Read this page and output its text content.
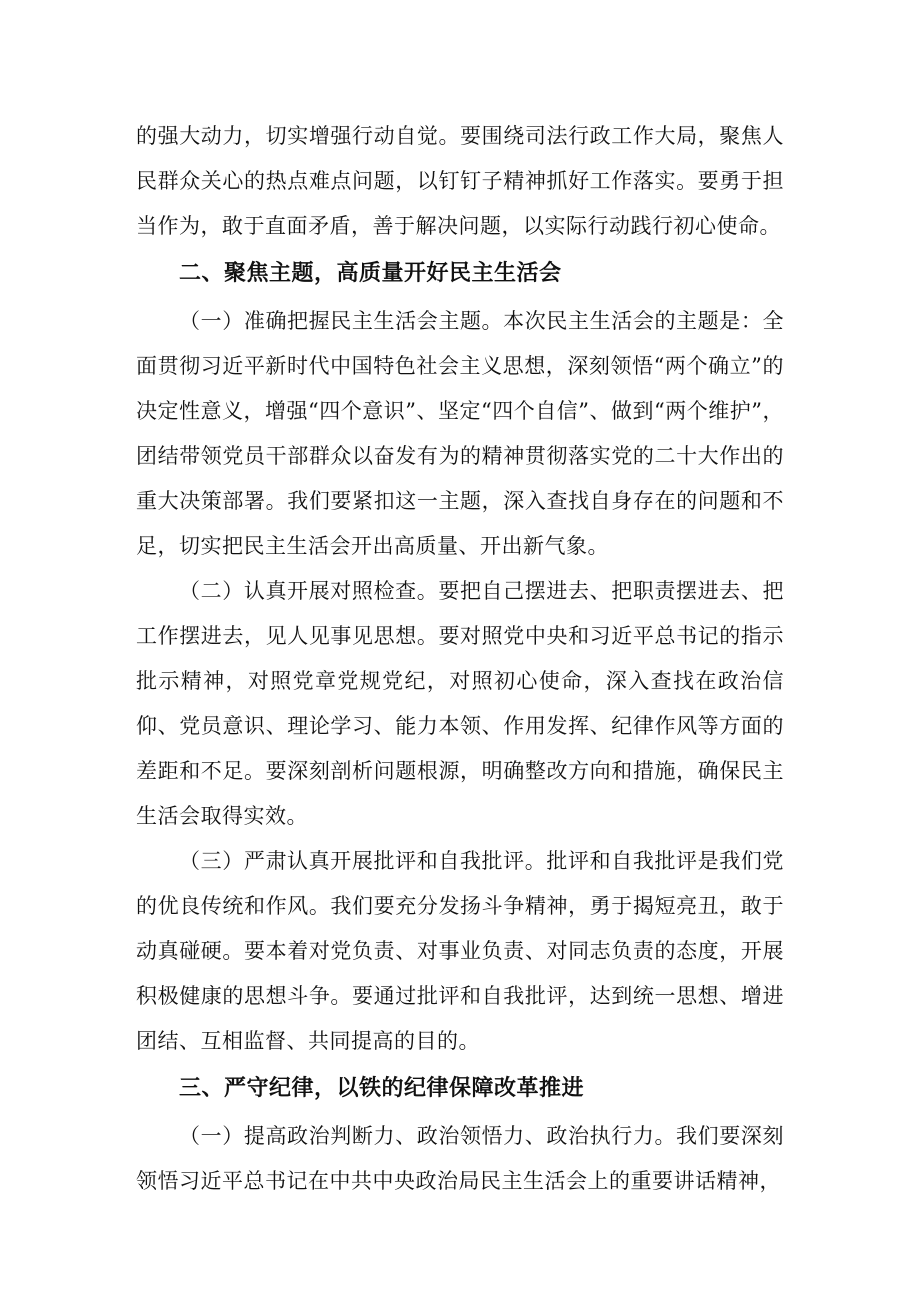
的强大动力，切实增强行动自觉。要围绕司法行政工作大局，聚焦人民群众关心的热点难点问题，以钉钉子精神抓好工作落实。要勇于担当作为，敢于直面矛盾，善于解决问题，以实际行动践行初心使命。

二、聚焦主题，高质量开好民主生活会

（一）准确把握民主生活会主题。本次民主生活会的主题是：全面贯彻习近平新时代中国特色社会主义思想，深刻领悟“两个确立”的决定性意义，增强“四个意识”、坚定“四个自信”、做到“两个维护”，团结带领党员干部群众以奋发有为的精神贯彻落实党的二十大作出的重大决策部署。我们要紧扣这一主题，深入查找自身存在的问题和不足，切实把民主生活会开出高质量、开出新气象。

（二）认真开展对照检查。要把自己摆进去、把职责摆进去、把工作摆进去，见人见事见思想。要对照党中央和习近平总书记的指示批示精神，对照党章党规党纪，对照初心使命，深入查找在政治信仰、党员意识、理论学习、能力本领、作用发挥、纪律作风等方面的差距和不足。要深刻剖析问题根源，明确整改方向和措施，确保民主生活会取得实效。

（三）严肃认真开展批评和自我批评。批评和自我批评是我们党的优良传统和作风。我们要充分发扬斗争精神，勇于揭短亮丑，敢于动真碰硬。要本着对党负责、对事业负责、对同志负责的态度，开展积极健康的思想斗争。要通过批评和自我批评，达到统一思想、增进团结、互相监督、共同提高的目的。

三、严守纪律，以铁的纪律保障改革推进

（一）提高政治判断力、政治领悟力、政治执行力。我们要深刻领悟习近平总书记在中共中央政治局民主生活会上的重要讲话精神，
